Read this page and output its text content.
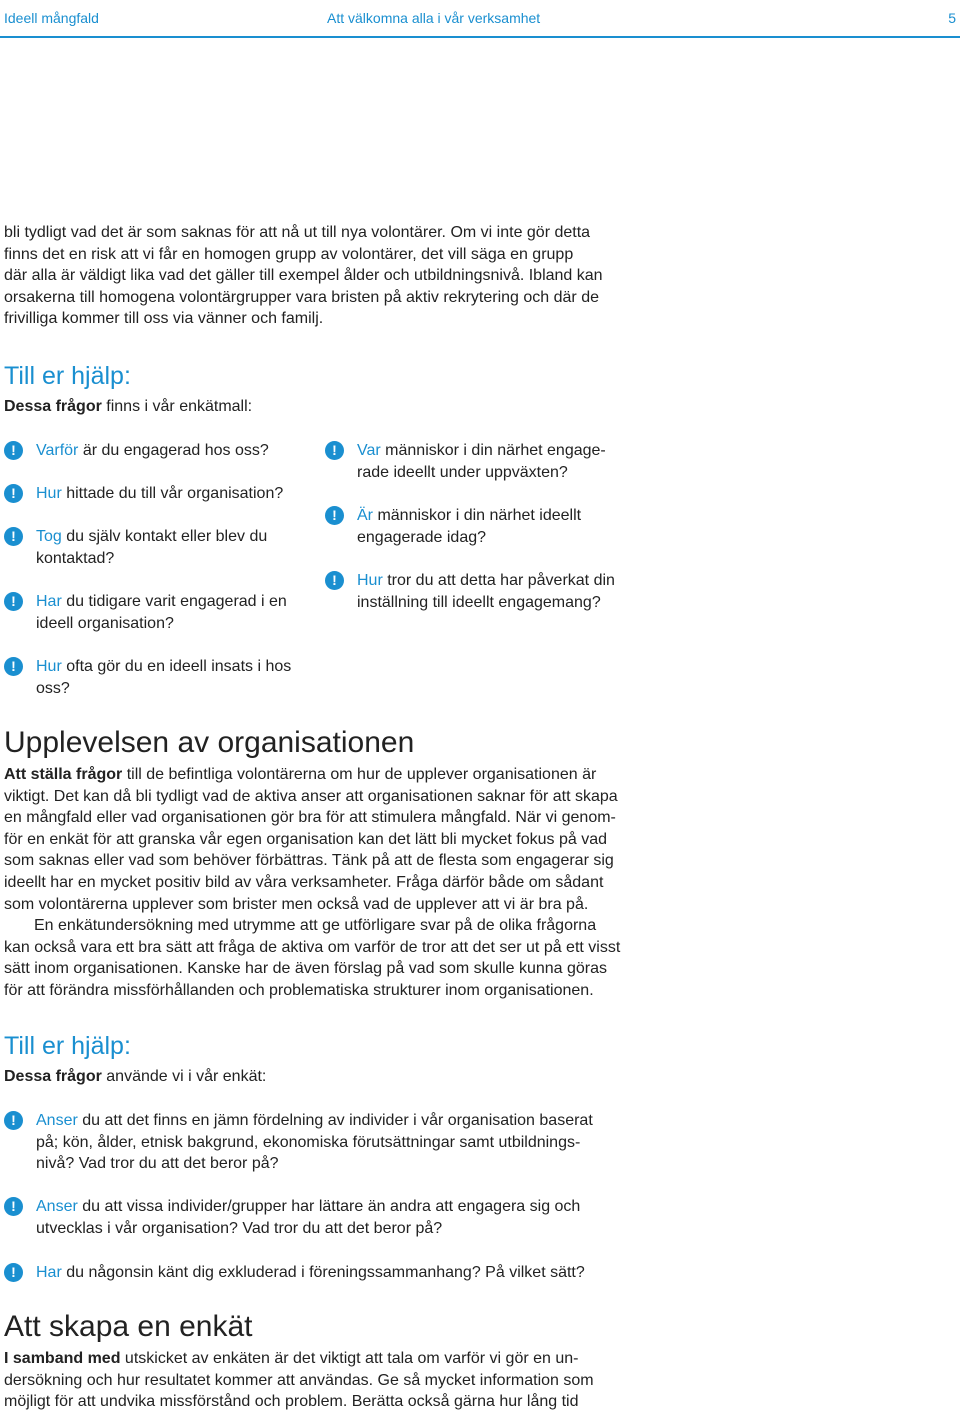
Ideell mångfald	Att välkomna alla i vår verksamhet	5

bli tydligt vad det är som saknas för att nå ut till nya volontärer. Om vi inte gör detta

finns det en risk att vi får en homogen grupp av volontärer, det vill säga en grupp

där alla är väldigt lika vad det gäller till exempel ålder och utbildningsnivå. Ibland kan

orsakerna till homogena volontärgrupper vara bristen på aktiv rekrytering och där de

frivilliga kommer till oss via vänner och familj.

Till er hjälp:
Dessa frågor finns i vår enkätmall:
!	Varför är du engagerad hos oss?
!	Hur hittade du till vår organisation?
!	Tog du själv kontakt eller blev du kontaktad?
!	Har du tidigare varit engagerad i en ideell organisation?
!	Hur ofta gör du en ideell insats i hos oss?
!	Var människor i din närhet engage-rade ideellt under uppväxten?
!	Är människor i din närhet ideellt engagerade idag?
!	Hur tror du att detta har påverkat din inställning till ideellt engagemang?
Upplevelsen av organisationen

Att ställa frågor till de befintliga volontärerna om hur de upplever organisationen är

viktigt. Det kan då bli tydligt vad de aktiva anser att organisationen saknar för att skapa

en mångfald eller vad organisationen gör bra för att stimulera mångfald. När vi genom-

för en enkät för att granska vår egen organisation kan det lätt bli mycket fokus på vad

som saknas eller vad som behöver förbättras. Tänk på att de flesta som engagerar sig

ideellt har en mycket positiv bild av våra verksamheter. Fråga därför både om sådant

som volontärerna upplever som brister men också vad de upplever att vi är bra på.

En enkätundersökning med utrymme att ge utförligare svar på de olika frågorna

kan också vara ett bra sätt att fråga de aktiva om varför de tror att det ser ut på ett visst

sätt inom organisationen. Kanske har de även förslag på vad som skulle kunna göras

för att förändra missförhållanden och problematiska strukturer inom organisationen.

Till er hjälp:
Dessa frågor använde vi i vår enkät:
!	Anser du att det finns en jämn fördelning av individer i vår organisation baserat
på; kön, ålder, etnisk bakgrund, ekonomiska förutsättningar samt utbildnings-
nivå? Vad tror du att det beror på?
!	Anser du att vissa individer/grupper har lättare än andra att engagera sig och
utvecklas i vår organisation? Vad tror du att det beror på?
!	Har du någonsin känt dig exkluderad i föreningssammanhang? På vilket sätt?
Att skapa en enkät

I samband med utskicket av enkäten är det viktigt att tala om varför vi gör en un-

dersökning och hur resultatet kommer att användas. Ge så mycket information som

möjligt för att undvika missförstånd och problem. Berätta också gärna hur lång tid
